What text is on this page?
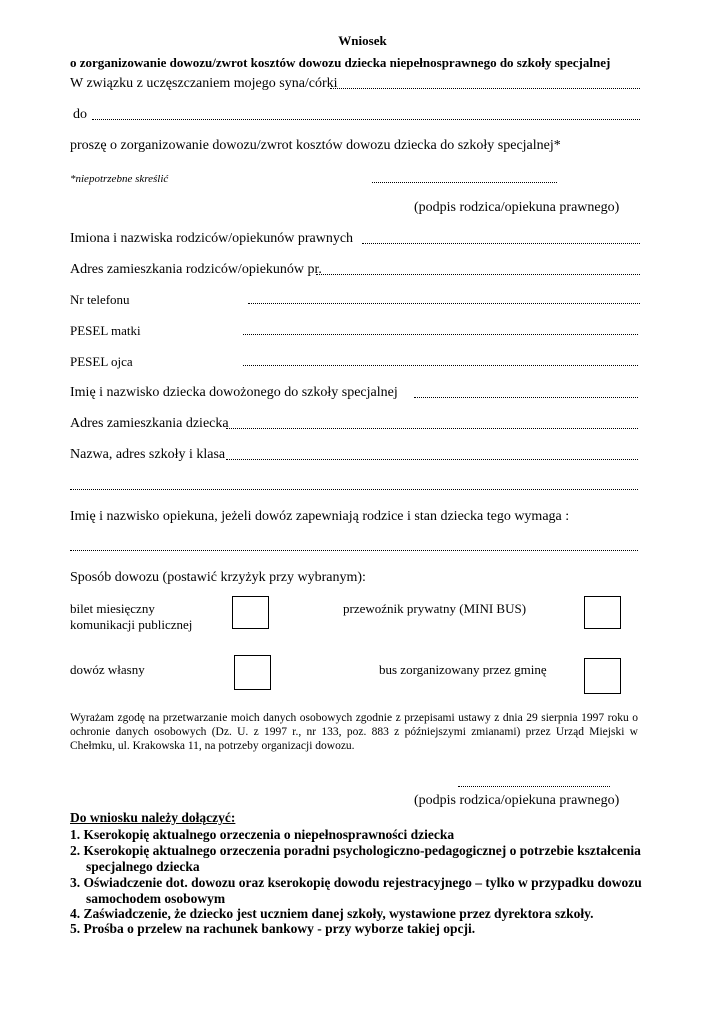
Wniosek
o zorganizowanie dowozu/zwrot kosztów dowozu dziecka niepełnosprawnego do szkoły specjalnej
W związku z uczęszczaniem mojego syna/córki
do
proszę o zorganizowanie dowozu/zwrot kosztów dowozu dziecka do szkoły specjalnej*
*niepotrzebne skreślić
(podpis rodzica/opiekuna prawnego)
Imiona i nazwiska rodziców/opiekunów prawnych
Adres zamieszkania rodziców/opiekunów pr.
Nr telefonu
PESEL matki
PESEL ojca
Imię i nazwisko dziecka dowożonego do szkoły specjalnej
Adres zamieszkania dziecka
Nazwa, adres szkoły i klasa
Imię i nazwisko opiekuna, jeżeli dowóz zapewniają rodzice i stan dziecka tego wymaga :
Sposób dowozu (postawić krzyżyk przy wybranym):
bilet miesięczny
komunikacji publicznej
przewoźnik prywatny (MINI BUS)
dowóz własny	bus zorganizowany przez gminę
Wyrażam zgodę na przetwarzanie moich danych osobowych zgodnie z przepisami ustawy z dnia 29 sierpnia 1997 roku o ochronie danych osobowych (Dz. U. z 1997 r., nr 133, poz. 883 z późniejszymi zmianami) przez Urząd Miejski w Chełmku, ul. Krakowska 11, na potrzeby organizacji dowozu.
(podpis rodzica/opiekuna prawnego)
Do wniosku należy dołączyć:
1. Kserokopię aktualnego orzeczenia o niepełnosprawności dziecka
2. Kserokopię aktualnego orzeczenia poradni psychologiczno-pedagogicznej o potrzebie kształcenia
specjalnego dziecka
3. Oświadczenie dot. dowozu oraz kserokopię dowodu rejestracyjnego – tylko w przypadku dowozu
samochodem osobowym
4. Zaświadczenie, że dziecko jest uczniem danej szkoły, wystawione przez dyrektora szkoły.
5. Prośba o przelew na rachunek bankowy - przy wyborze takiej opcji.
